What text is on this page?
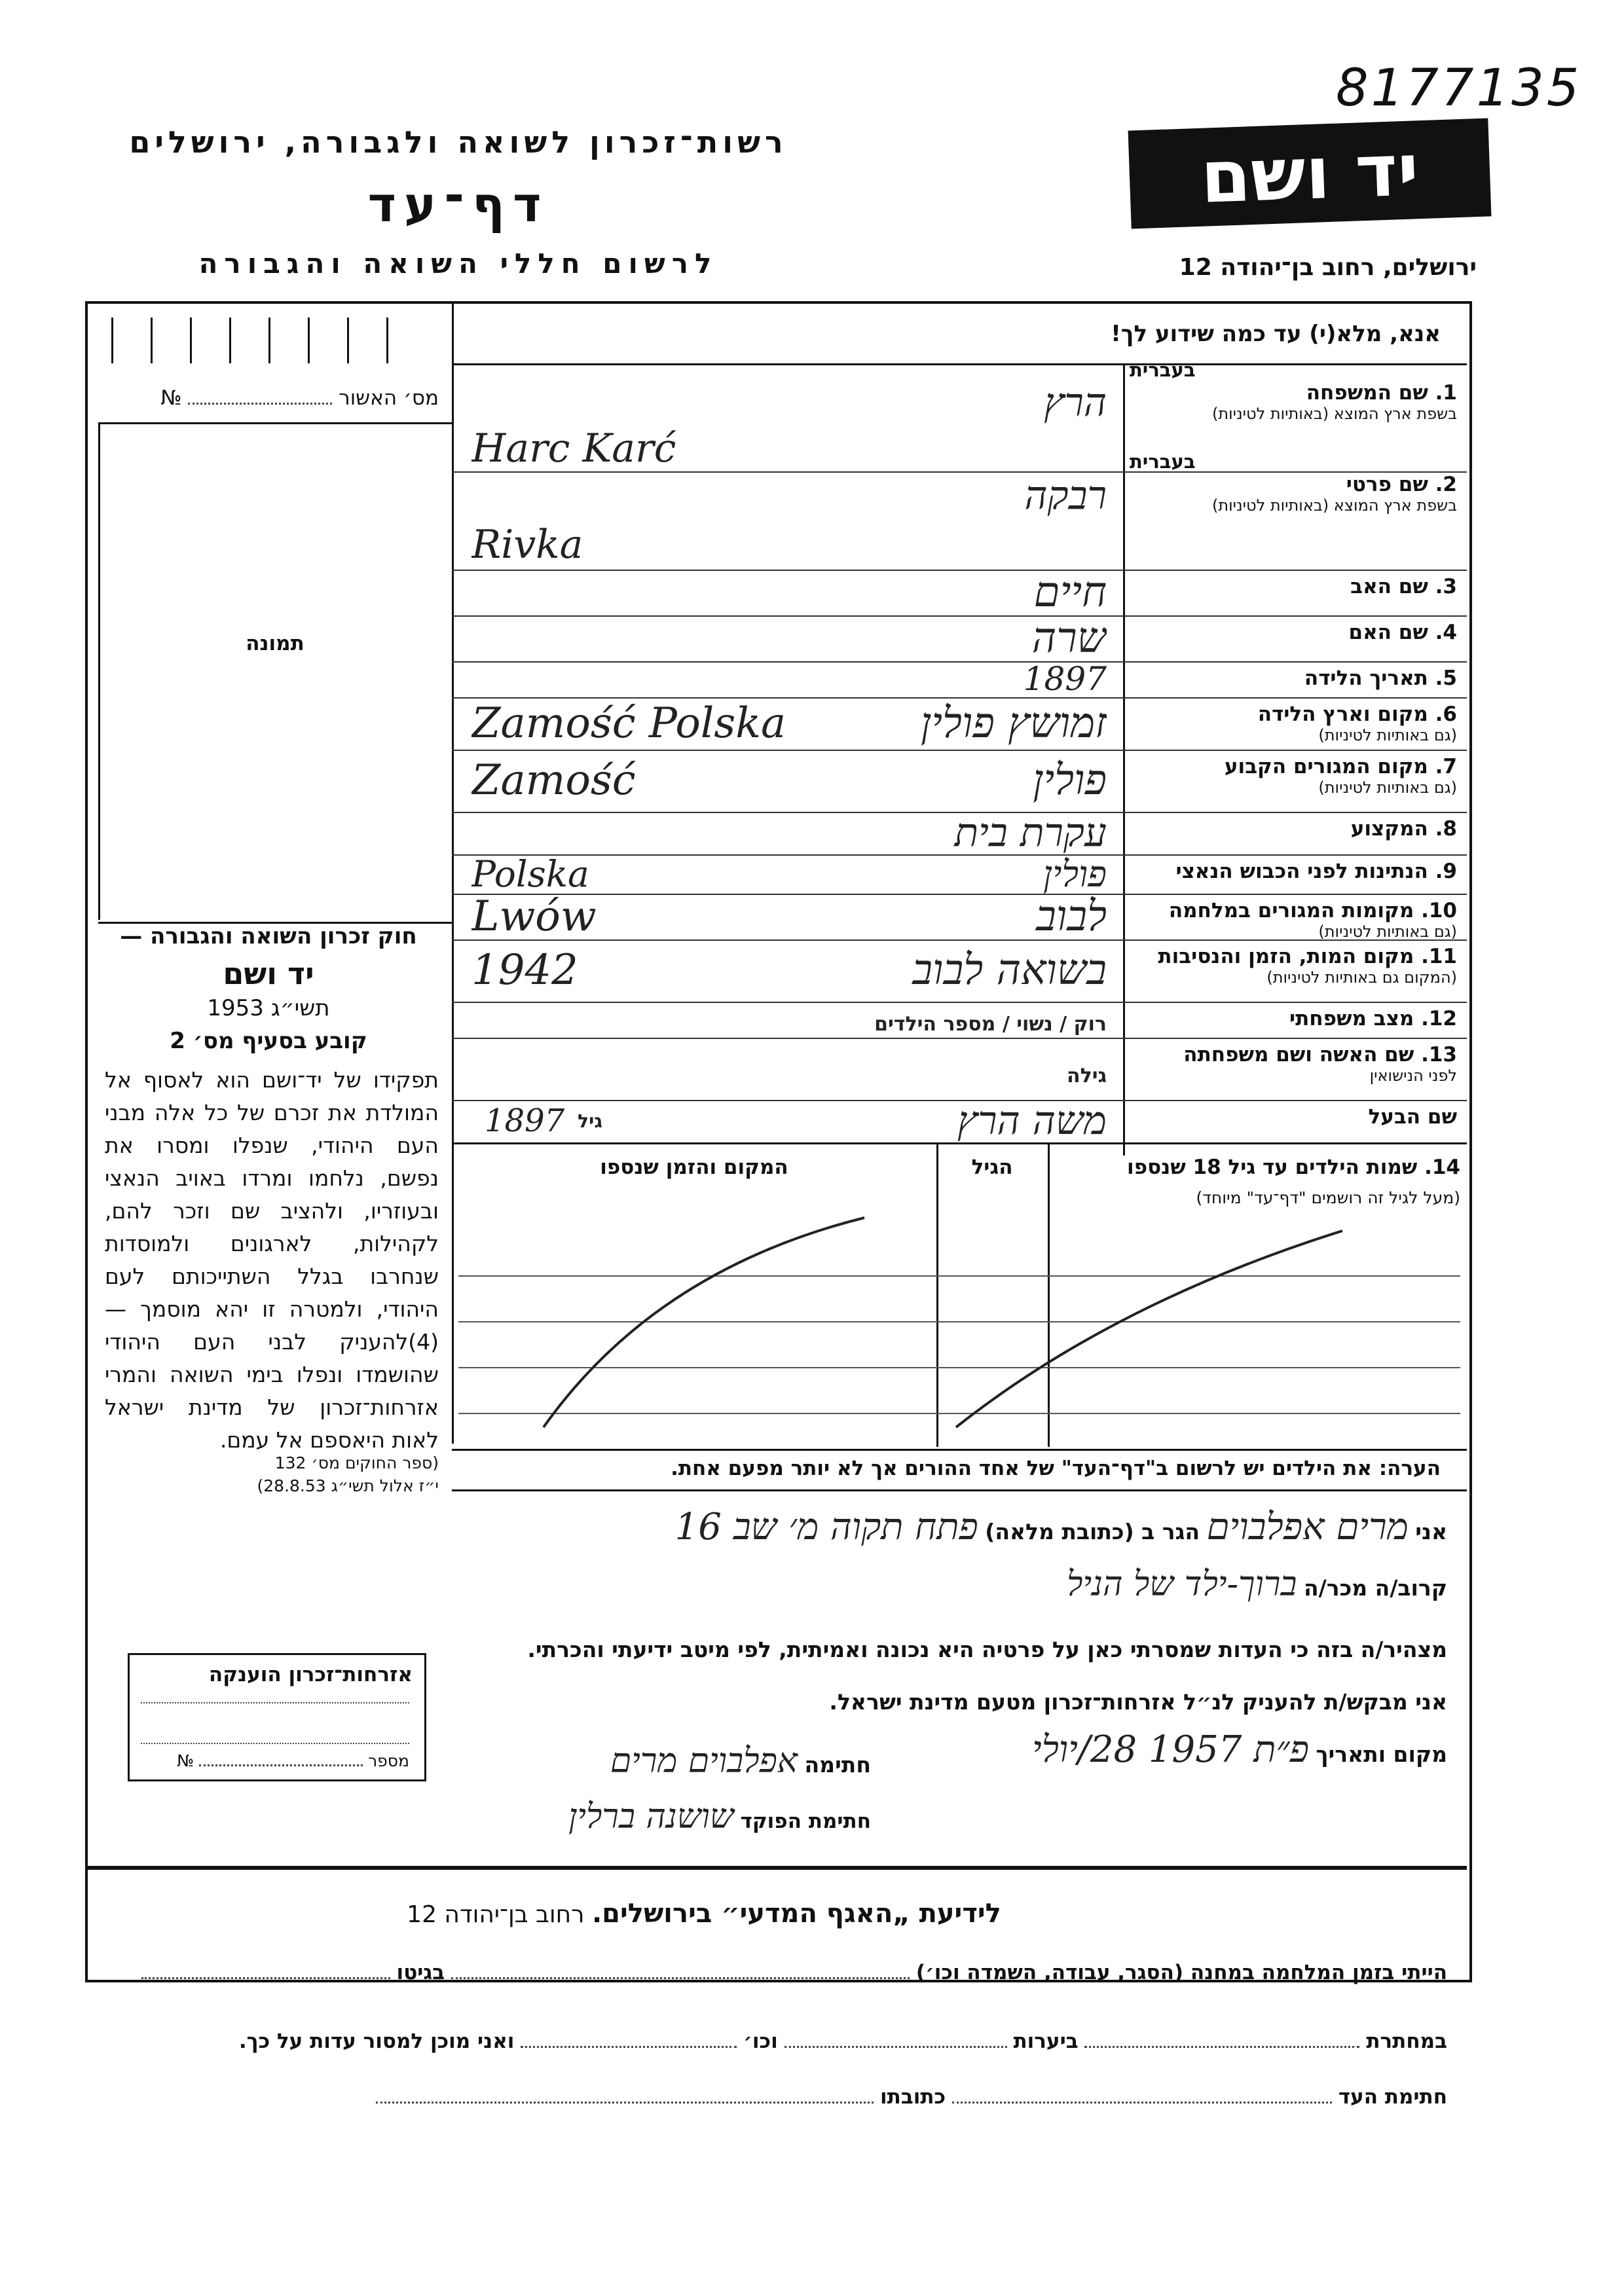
8177135
רשות־זכרון לשואה ולגבורה, ירושלים
דף־עד
לרשום חללי השואה והגבורה
יד ושם
ירושלים, רחוב בן־יהודה 12
מס׳ האשור  №
תמונה
חוק זכרון השואה והגבורה —
יד ושם
תשי״ג 1953
קובע בסעיף מס׳ 2
תפקידו של יד־ושם הוא לאסוף אל המולדת את זכרם של כל אלה מבני העם היהודי, שנפלו ומסרו את נפשם, נלחמו ומרדו באויב הנאצי ובעוזריו, ולהציב שם וזכר להם, לקהילות, לארגונים ולמוסדות שנחרבו בגלל השתייכותם לעם היהודי, ולמטרה זו יהא מוסמך — (4)להעניק לבני העם היהודי שהושמדו ונפלו בימי השואה והמרי אזרחות־זכרון של מדינת ישראל לאות היאספם אל עמם.
(ספר החוקים מס׳ 132
י״ז אלול תשי״ג 28.8.53)
אזרחות־זכרון הוענקה
מספר  №
אנא, מלא(י) עד כמה שידוע לך!
בעברית
1. שם המשפחה
בשפת ארץ המוצא (באותיות לטיניות)
הרץ
Harc Karć	בעברית
2. שם פרטי
בשפת ארץ המוצא (באותיות לטיניות)
רבקה
Rivka
3. שם האב
חיים
4. שם האם
שרה
5. תאריך הלידה
1897
6. מקום וארץ הלידה
(גם באותיות לטיניות)
Zamość Polska	זמושץ פולין
7. מקום המגורים הקבוע
(גם באותיות לטיניות)
Zamość	פולין
8. המקצוע
עקרת בית
9. הנתינות לפני הכבוש הנאצי
Polska	פולין
10. מקומות המגורים במלחמה
(גם באותיות לטיניות)
Lwów	לבוב
11. מקום המות, הזמן והנסיבות
(המקום גם באותיות לטיניות)
1942	בשואה לבוב
12. מצב משפחתי
רוק / נשוי / מספר הילדים
13. שם האשה ושם משפחתה
לפני הנישואין
גילה
שם הבעל
משה הרץ
1897 גיל
14. שמות הילדים עד גיל 18 שנספו
(מעל לגיל זה רושמים "דף־עד" מיוחד)
הגיל
המקום והזמן שנספו
הערה: את הילדים יש לרשום ב"דף־העד" של אחד ההורים אך לא יותר מפעם אחת.
אני מרים אפלבוים הגר ב (כתובת מלאה) פתח תקוה מ׳ שב 16
קרוב/ה מכר/ה ברוך-ילד של הניל
מצהיר/ה בזה כי העדות שמסרתי כאן על פרטיה היא נכונה ואמיתית, לפי מיטב ידיעתי והכרתי.
אני מבקש/ת להעניק לנ״ל אזרחות־זכרון מטעם מדינת ישראל.
מקום ותאריך פ״ת 1957 28/יולי
חתימה אפלבוים מרים
חתימת הפוקד שושנה ברלין
לידיעת „האגף המדעי״ בירושלים. רחוב בן־יהודה 12
הייתי בזמן המלחמה במחנה (הסגר, עבודה, השמדה וכו׳)  בגיטו
במחתרת  ביערות  וכו׳  ואני מוכן למסור עדות על כך.
חתימת העד  כתובתו
